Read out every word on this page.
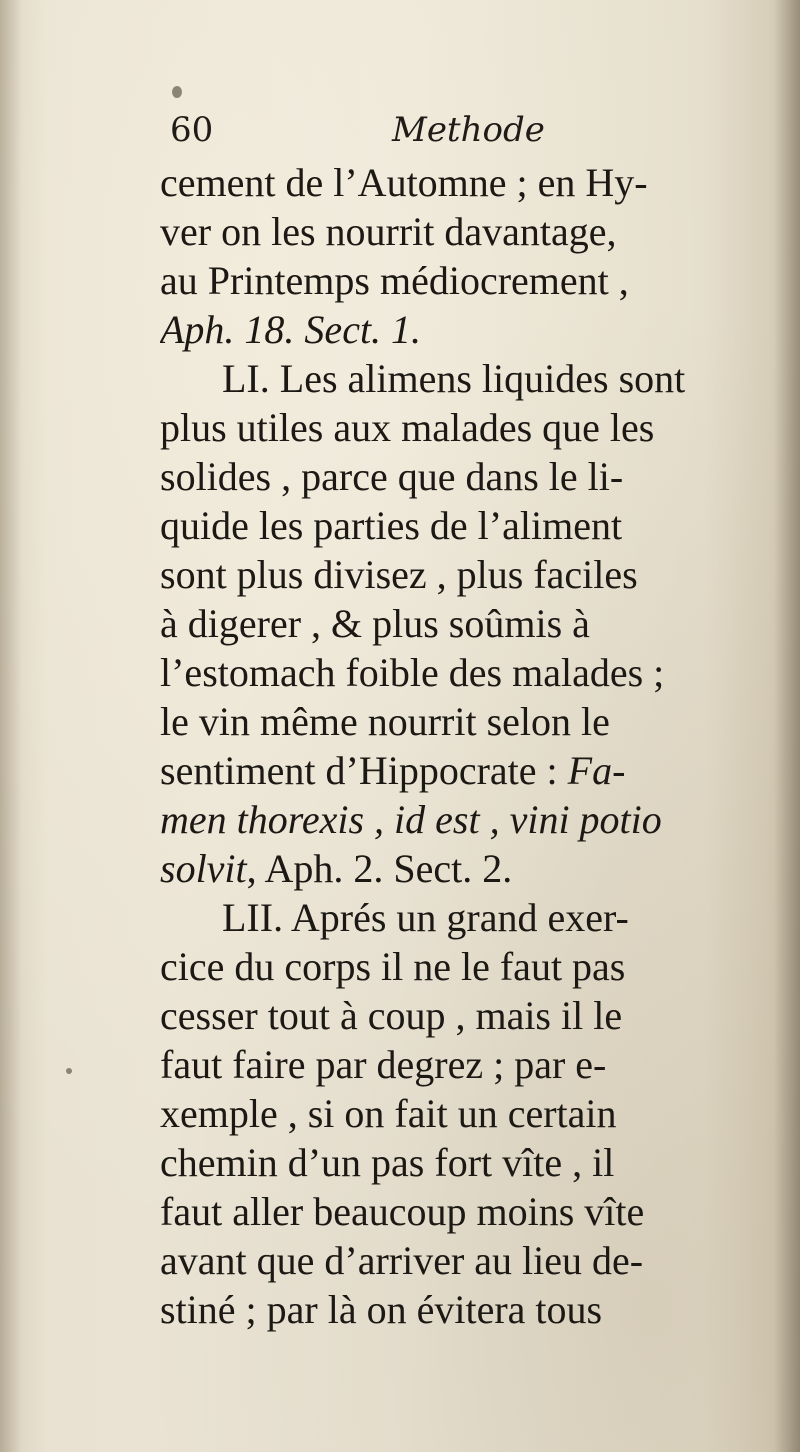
60	Methode
cement de l’Automne ; en Hy-
ver on les nourrit davantage,
au Printemps médiocrement ,
Aph. 18. Sect. 1.
LI. Les alimens liquides sont
plus utiles aux malades que les
solides , parce que dans le li-
quide les parties de l’aliment
sont plus divisez , plus faciles
à digerer , & plus soûmis à
l’estomach foible des malades ;
le vin même nourrit selon le
sentiment d’Hippocrate : Fa-
men thorexis , id est , vini potio
solvit, Aph. 2. Sect. 2.
LII. Aprés un grand exer-
cice du corps il ne le faut pas
cesser tout à coup , mais il le
faut faire par degrez ; par e-
xemple , si on fait un certain
chemin d’un pas fort vîte , il
faut aller beaucoup moins vîte
avant que d’arriver au lieu de-
stiné ; par là on évitera tous
